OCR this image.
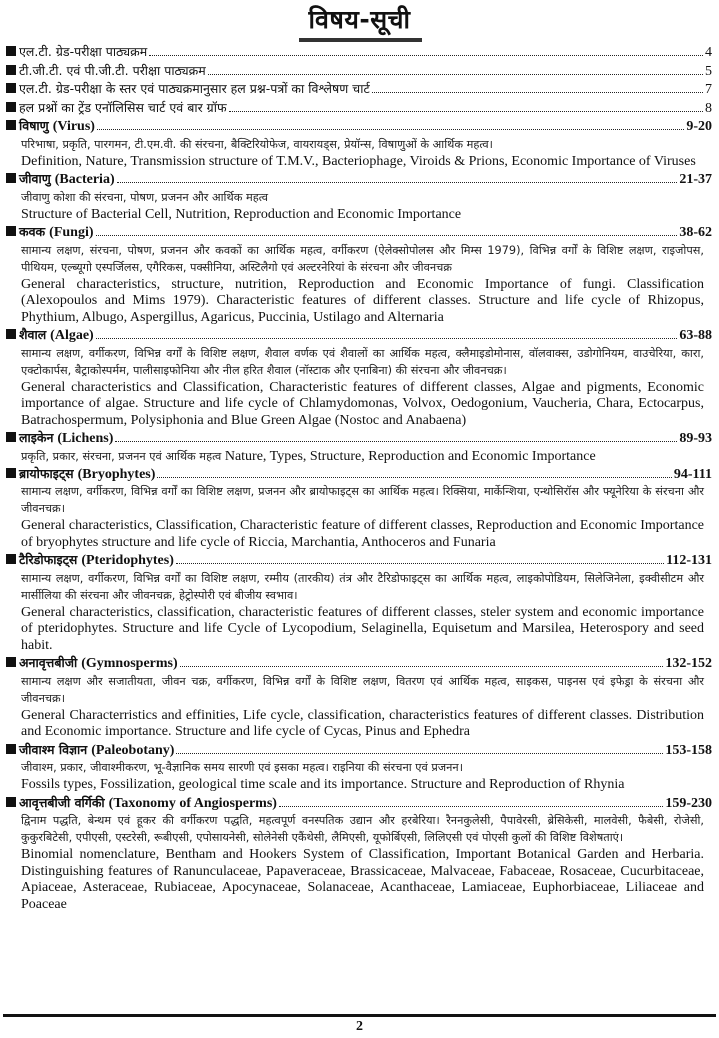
विषय-सूची
एल.टी. ग्रेड-परीक्षा पाठ्यक्रम	4
टी.जी.टी. एवं पी.जी.टी. परीक्षा पाठ्यक्रम	5
एल.टी. ग्रेड-परीक्षा के स्तर एवं पाठ्यक्रमानुसार हल प्रश्न-पत्रों का विश्लेषण चार्ट	7
हल प्रश्नों का ट्रेंड एनॉलिसिस चार्ट एवं बार ग्रॉफ	8
विषाणु (Virus)	9-20

परिभाषा, प्रकृति, पारगमन, टी.एम.वी. की संरचना, बैक्टिरियोफेज, वायरायड्स, प्रेयॉन्स, विषाणुओं के आर्थिक महत्व।

Definition, Nature, Transmission structure of T.M.V., Bacteriophage, Viroids & Prions, Economic Importance of Viruses

जीवाणु (Bacteria)	21-37

जीवाणु कोशा की संरचना, पोषण, प्रजनन और आर्थिक महत्व

Structure of Bacterial Cell, Nutrition, Reproduction and Economic Importance

कवक (Fungi)	38-62

सामान्य लक्षण, संरचना, पोषण, प्रजनन और कवकों का आर्थिक महत्व, वर्गीकरण (ऐलेक्सोपोलस और मिम्स 1979), विभिन्न वर्गों के विशिष्ट लक्षण, राइजोपस, पीथियम, एल्ब्यूगो एस्पर्जिलस, एगैरिकस, पक्सीनिया, अस्टिलैगो एवं अल्टरनेरियां के संरचना और जीवनचक्र

General characteristics, structure, nutrition, Reproduction and Economic Importance of fungi. Classification (Alexopoulos and Mims 1979). Characteristic features of different classes. Structure and life cycle of Rhizopus, Phythium, Albugo, Aspergillus, Agaricus, Puccinia, Ustilago and Alternaria

शैवाल (Algae)	63-88

सामान्य लक्षण, वर्गीकरण, विभिन्न वर्गों के विशिष्ट लक्षण, शैवाल वर्णक एवं शैवालों का आर्थिक महत्व, क्लैमाइडोमोनास, वॉलवाक्स, उडोगोनियम, वाउचेरिया, कारा, एक्टोकार्पस, बैट्राकोस्पर्मम, पालीसाइफोनिया और नील हरित शैवाल (नॉस्टाक और एनाबिना) की संरचना और जीवनचक्र।

General characteristics and Classification, Characteristic features of different classes, Algae and pigments, Economic importance of algae. Structure and life cycle of Chlamydomonas, Volvox, Oedogonium, Vaucheria, Chara, Ectocarpus, Batrachospermum, Polysiphonia and Blue Green Algae (Nostoc and Anabaena)

लाइकेन (Lichens)	89-93

प्रकृति, प्रकार, संरचना, प्रजनन एवं आर्थिक महत्व Nature, Types, Structure, Reproduction and Economic Importance

ब्रायोफाइट्स (Bryophytes)	94-111

सामान्य लक्षण, वर्गीकरण, विभिन्न वर्गों का विशिष्ट लक्षण, प्रजनन और ब्रायोफाइट्स का आर्थिक महत्व। रिक्सिया, मार्केन्शिया, एन्थोसिरॉस और फ्यूनेरिया के संरचना और जीवनचक्र।

General characteristics, Classification, Characteristic feature of different classes, Reproduction and Economic Importance of bryophytes structure and life cycle of Riccia, Marchantia, Anthoceros and Funaria

टैरिडोफाइट्स (Pteridophytes)	112-131

सामान्य लक्षण, वर्गीकरण, विभिन्न वर्गों का विशिष्ट लक्षण, रम्मीय (तारकीय) तंत्र और टैरिडोफाइट्स का आर्थिक महत्व, लाइकोपोडियम, सिलेजिनेला, इक्वीसीटम और मार्सीलिया की संरचना और जीवनचक्र, हेट्रोस्पोरी एवं बीजीय स्वभाव।

General characteristics, classification, characteristic features of different classes, steler system and economic importance of pteridophytes. Structure and life Cycle of Lycopodium, Selaginella, Equisetum and Marsilea, Heterospory and seed habit.

अनावृत्तबीजी (Gymnosperms)	132-152

सामान्य लक्षण और सजातीयता, जीवन चक्र, वर्गीकरण, विभिन्न वर्गों के विशिष्ट लक्षण, वितरण एवं आर्थिक महत्व, साइकस, पाइनस एवं इफेड्रा के संरचना और जीवनचक्र।

General Characterristics and effinities, Life cycle, classification, characteristics features of different classes. Distribution and Economic importance. Structure and life cycle of Cycas, Pinus and Ephedra

जीवाश्म विज्ञान (Paleobotany)	153-158

जीवाश्म, प्रकार, जीवाश्मीकरण, भू-वैज्ञानिक समय सारणी एवं इसका महत्व। राइनिया की संरचना एवं प्रजनन।

Fossils types, Fossilization, geological time scale and its importance. Structure and Reproduction of Rhynia

आवृत्तबीजी वर्गिकी (Taxonomy of Angiosperms)	159-230

द्विनाम पद्धति, बेन्थम एवं हूकर की वर्गीकरण पद्धति, महत्वपूर्ण वनस्पतिक उद्यान और हरबेरिया। रैननकुलेसी, पैपावेरसी, ब्रेसिकेसी, मालवेसी, फैबेसी, रोजेसी, कुकुरबिटेसी, एपीएसी, एस्टरेसी, रूबीएसी, एपोसायनेसी, सोलेनेसी एकैंथेसी, लैमिएसी, यूफोर्बिएसी, लिलिएसी एवं पोएसी कुलों की विशिष्ट विशेषताएं।

Binomial nomenclature, Bentham and Hookers System of Classification, Important Botanical Garden and Herbaria. Distinguishing features of Ranunculaceae, Papaveraceae, Brassicaceae, Malvaceae, Fabaceae, Rosaceae, Cucurbitaceae, Apiaceae, Asteraceae, Rubiaceae, Apocynaceae, Solanaceae, Acanthaceae, Lamiaceae, Euphorbiaceae, Liliaceae and Poaceae

2
